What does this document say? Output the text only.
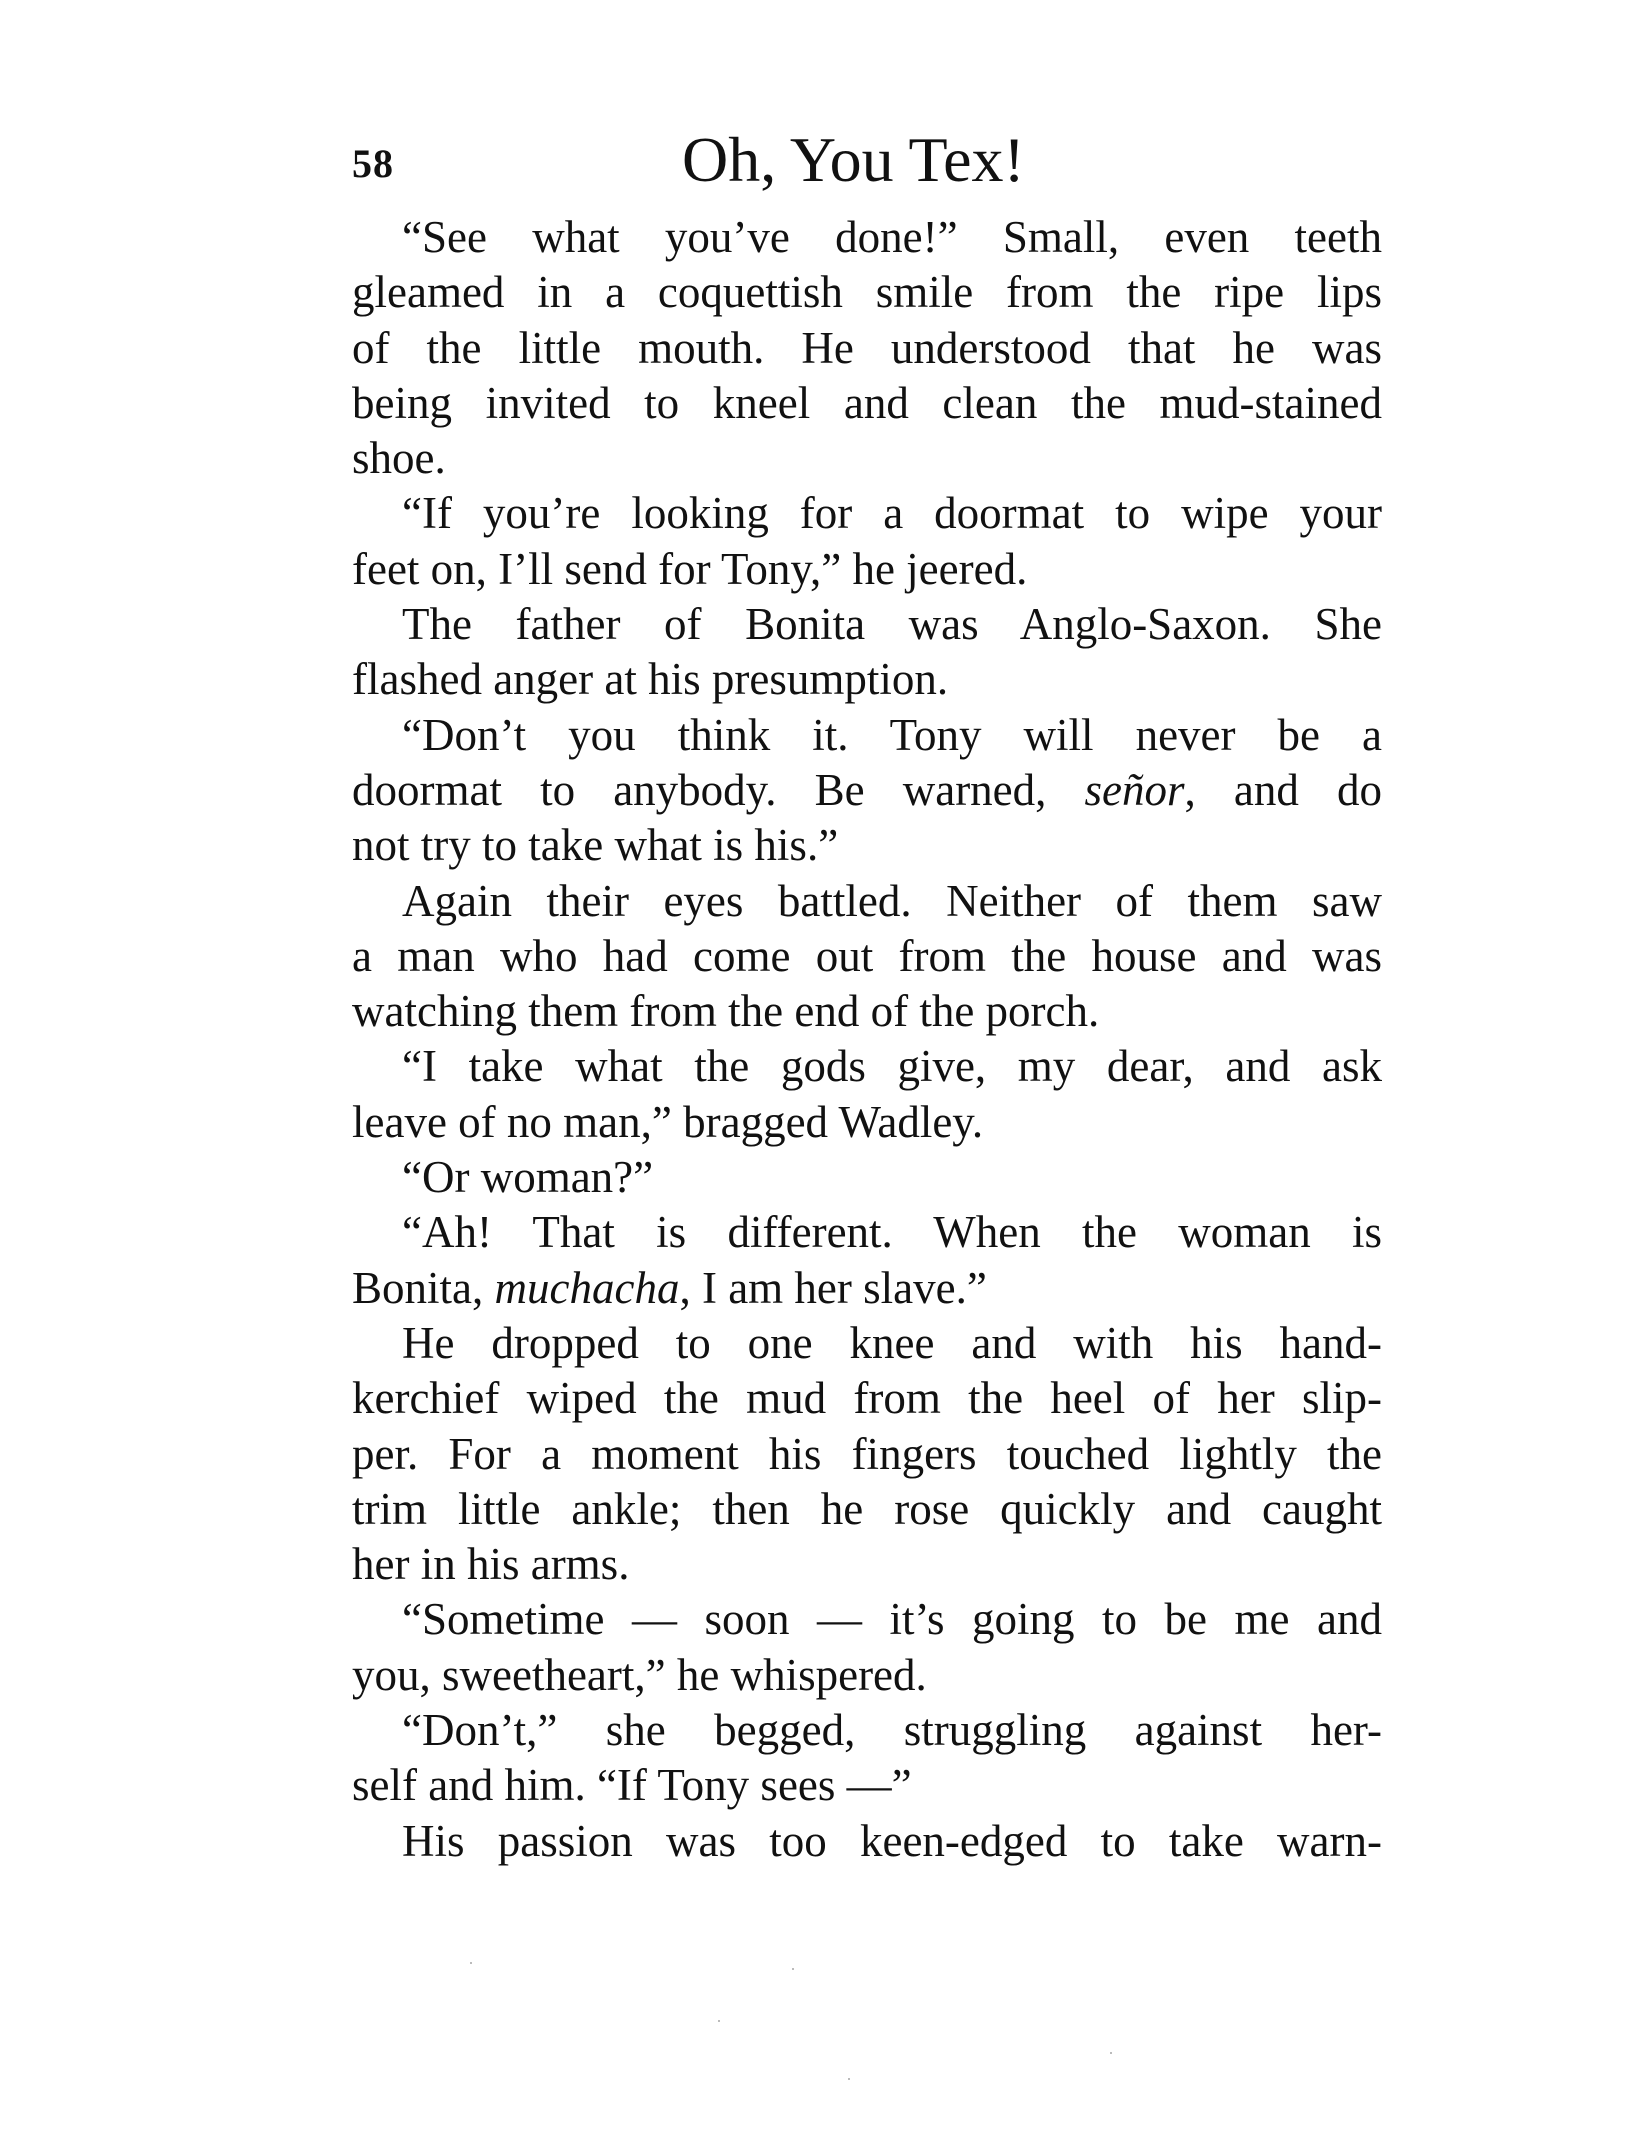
58	Oh, You Tex!
“See what you’ve done!” Small, even teeth
gleamed in a coquettish smile from the ripe lips
of the little mouth. He understood that he was
being invited to kneel and clean the mud-stained
shoe.
“If you’re looking for a doormat to wipe your
feet on, I’ll send for Tony,” he jeered.
The father of Bonita was Anglo-Saxon. She
flashed anger at his presumption.
“Don’t you think it. Tony will never be a
doormat to anybody. Be warned, señor, and do
not try to take what is his.”
Again their eyes battled. Neither of them saw
a man who had come out from the house and was
watching them from the end of the porch.
“I take what the gods give, my dear, and ask
leave of no man,” bragged Wadley.
“Or woman?”
“Ah! That is different. When the woman is
Bonita, muchacha, I am her slave.”
He dropped to one knee and with his hand-
kerchief wiped the mud from the heel of her slip-
per. For a moment his fingers touched lightly the
trim little ankle; then he rose quickly and caught
her in his arms.
“Sometime — soon — it’s going to be me and
you, sweetheart,” he whispered.
“Don’t,” she begged, struggling against her-
self and him. “If Tony sees —”
His passion was too keen-edged to take warn-
